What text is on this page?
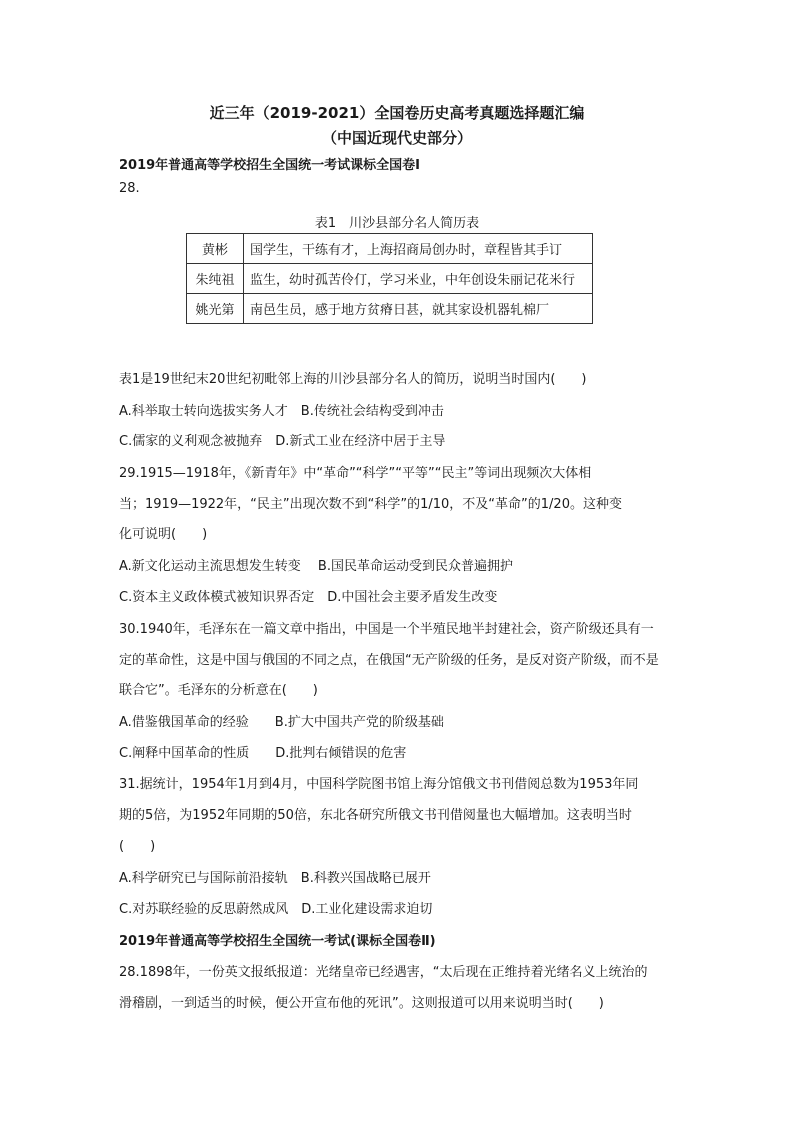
近三年（2019-2021）全国卷历史高考真题选择题汇编
（中国近现代史部分）
2019年普通高等学校招生全国统一考试课标全国卷Ⅰ
28.
表1　川沙县部分名人简历表
黄彬	国学生，干练有才，上海招商局创办时，章程皆其手订
朱纯祖	监生，幼时孤苦伶仃，学习米业，中年创设朱丽记花米行
姚光第	南邑生员，感于地方贫瘠日甚，就其家设机器轧棉厂
表1是19世纪末20世纪初毗邻上海的川沙县部分名人的简历，说明当时国内(　　)
A.科举取士转向选拔实务人才　B.传统社会结构受到冲击
C.儒家的义利观念被抛弃　D.新式工业在经济中居于主导
29.1915—1918年，《新青年》中“革命”“科学”“平等”“民主”等词出现频次大体相
当；1919—1922年，“民主”出现次数不到“科学”的1/10，不及“革命”的1/20。这种变
化可说明(　　)
A.新文化运动主流思想发生转变　 B.国民革命运动受到民众普遍拥护
C.资本主义政体模式被知识界否定　D.中国社会主要矛盾发生改变
30.1940年，毛泽东在一篇文章中指出，中国是一个半殖民地半封建社会，资产阶级还具有一
定的革命性，这是中国与俄国的不同之点，在俄国“无产阶级的任务，是反对资产阶级，而不是
联合它”。毛泽东的分析意在(　　)
A.借鉴俄国革命的经验　　B.扩大中国共产党的阶级基础
C.阐释中国革命的性质　　D.批判右倾错误的危害
31.据统计，1954年1月到4月，中国科学院图书馆上海分馆俄文书刊借阅总数为1953年同
期的5倍，为1952年同期的50倍，东北各研究所俄文书刊借阅量也大幅增加。这表明当时
(　　)
A.科学研究已与国际前沿接轨　B.科教兴国战略已展开
C.对苏联经验的反思蔚然成风　D.工业化建设需求迫切
2019年普通高等学校招生全国统一考试(课标全国卷Ⅱ)
28.1898年，一份英文报纸报道：光绪皇帝已经遇害，“太后现在正维持着光绪名义上统治的
滑稽剧，一到适当的时候，便公开宣布他的死讯”。这则报道可以用来说明当时(　　)
